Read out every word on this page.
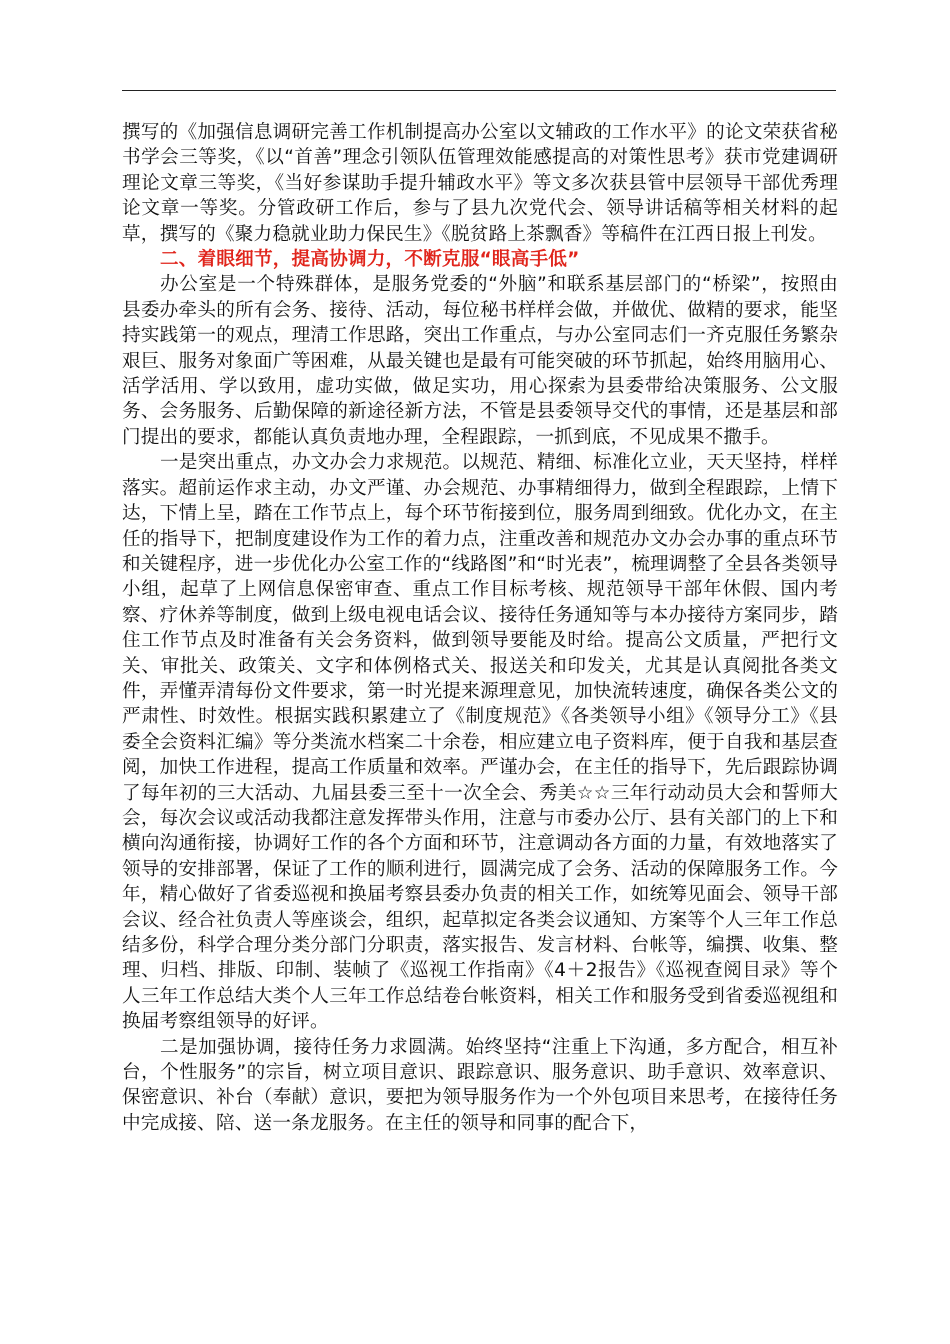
撰写的《加强信息调研完善工作机制提高办公室以文辅政的工作水平》的论文荣获省秘书学会三等奖，《以“首善”理念引领队伍管理效能感提高的对策性思考》获市党建调研理论文章三等奖，《当好参谋助手提升辅政水平》等文多次获县管中层领导干部优秀理论文章一等奖。分管政研工作后，参与了县九次党代会、领导讲话稿等相关材料的起草，撰写的《聚力稳就业助力保民生》《脱贫路上茶飘香》等稿件在江西日报上刊发。

二、着眼细节，提高协调力，不断克服“眼高手低”

办公室是一个特殊群体，是服务党委的“外脑”和联系基层部门的“桥梁”，按照由县委办牵头的所有会务、接待、活动，每位秘书样样会做，并做优、做精的要求，能坚持实践第一的观点，理清工作思路，突出工作重点，与办公室同志们一齐克服任务繁杂艰巨、服务对象面广等困难，从最关键也是最有可能突破的环节抓起，始终用脑用心、活学活用、学以致用，虚功实做，做足实功，用心探索为县委带给决策服务、公文服务、会务服务、后勤保障的新途径新方法，不管是县委领导交代的事情，还是基层和部门提出的要求，都能认真负责地办理，全程跟踪，一抓到底，不见成果不撒手。

一是突出重点，办文办会力求规范。以规范、精细、标准化立业，天天坚持，样样落实。超前运作求主动，办文严谨、办会规范、办事精细得力，做到全程跟踪，上情下达，下情上呈，踏在工作节点上，每个环节衔接到位，服务周到细致。优化办文，在主任的指导下，把制度建设作为工作的着力点，注重改善和规范办文办会办事的重点环节和关键程序，进一步优化办公室工作的“线路图”和“时光表”，梳理调整了全县各类领导小组，起草了上网信息保密审查、重点工作目标考核、规范领导干部年休假、国内考察、疗休养等制度，做到上级电视电话会议、接待任务通知等与本办接待方案同步，踏住工作节点及时准备有关会务资料，做到领导要能及时给。提高公文质量，严把行文关、审批关、政策关、文字和体例格式关、报送关和印发关，尤其是认真阅批各类文件，弄懂弄清每份文件要求，第一时光提来源理意见，加快流转速度，确保各类公文的严肃性、时效性。根据实践积累建立了《制度规范》《各类领导小组》《领导分工》《县委全会资料汇编》等分类流水档案二十余卷，相应建立电子资料库，便于自我和基层查阅，加快工作进程，提高工作质量和效率。严谨办会，在主任的指导下，先后跟踪协调了每年初的三大活动、九届县委三至十一次全会、秀美☆☆三年行动动员大会和誓师大会，每次会议或活动我都注意发挥带头作用，注意与市委办公厅、县有关部门的上下和横向沟通衔接，协调好工作的各个方面和环节，注意调动各方面的力量，有效地落实了领导的安排部署，保证了工作的顺利进行，圆满完成了会务、活动的保障服务工作。今年，精心做好了省委巡视和换届考察县委办负责的相关工作，如统筹见面会、领导干部会议、经合社负责人等座谈会，组织，起草拟定各类会议通知、方案等个人三年工作总结多份，科学合理分类分部门分职责，落实报告、发言材料、台帐等，编撰、收集、整理、归档、排版、印制、装帧了《巡视工作指南》《4＋2报告》《巡视查阅目录》等个人三年工作总结大类个人三年工作总结卷台帐资料，相关工作和服务受到省委巡视组和换届考察组领导的好评。

二是加强协调，接待任务力求圆满。始终坚持“注重上下沟通，多方配合，相互补台，个性服务”的宗旨，树立项目意识、跟踪意识、服务意识、助手意识、效率意识、保密意识、补台（奉献）意识，要把为领导服务作为一个外包项目来思考，在接待任务中完成接、陪、送一条龙服务。在主任的领导和同事的配合下，
